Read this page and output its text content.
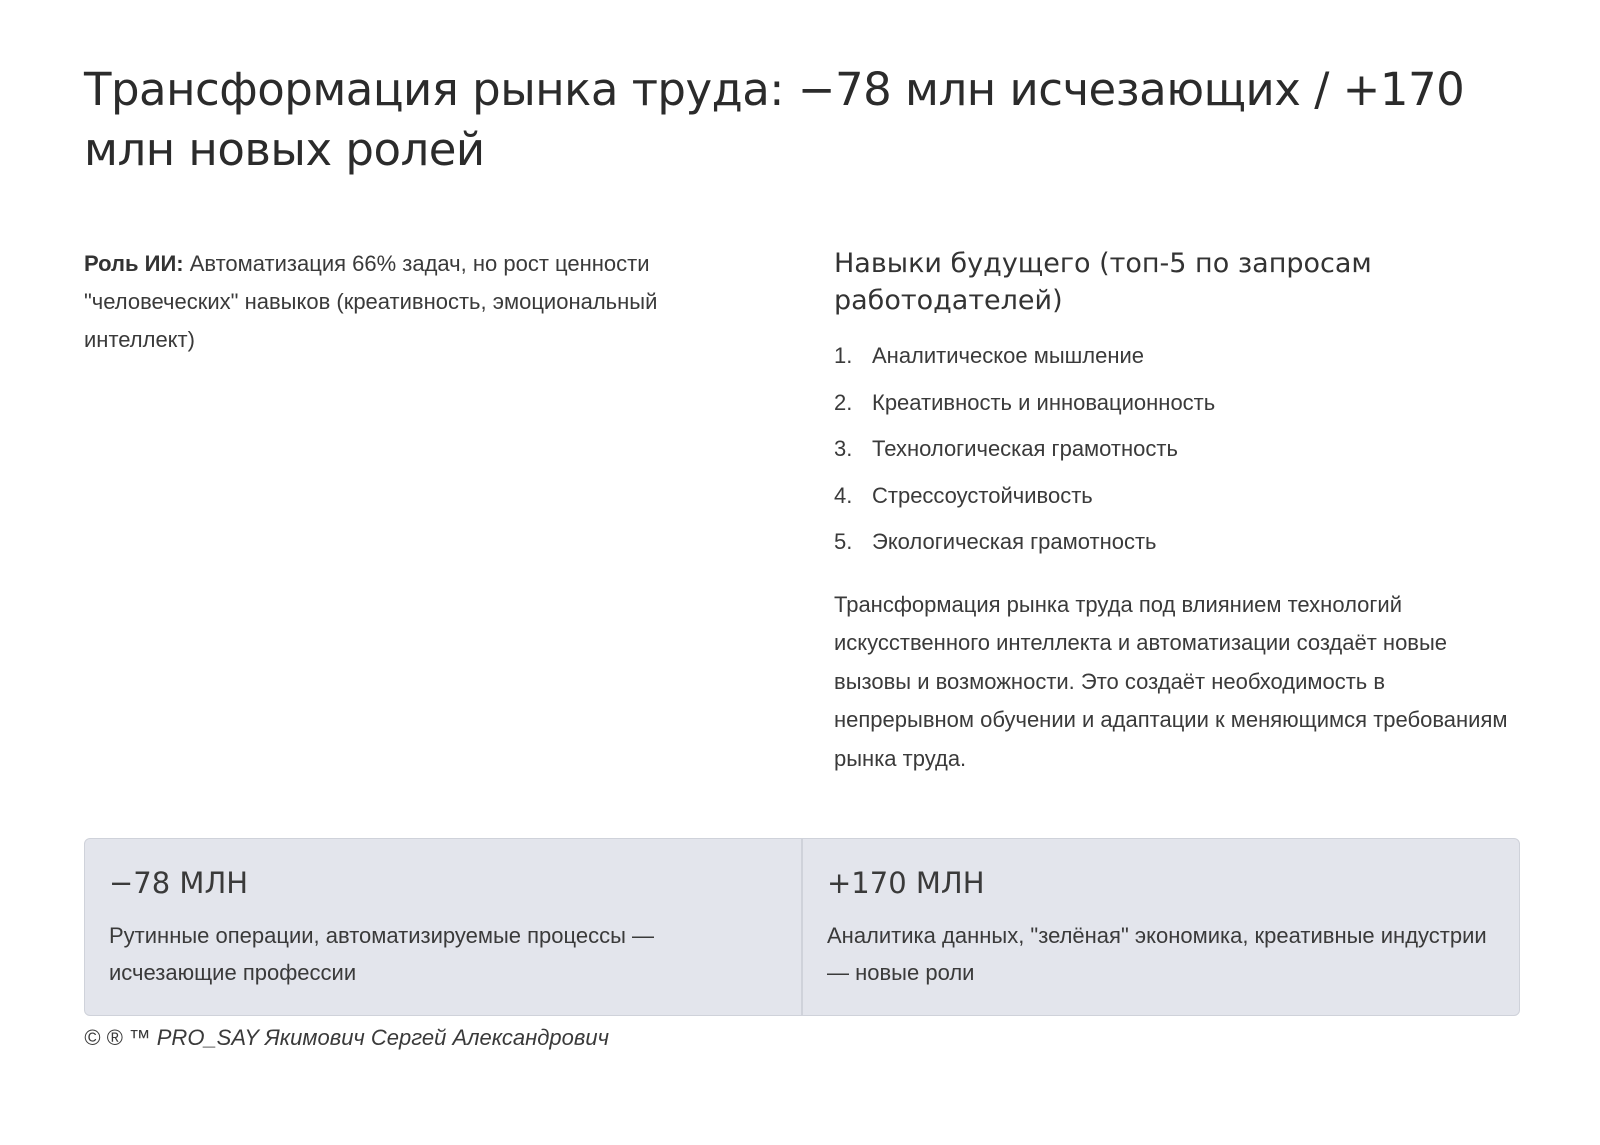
Трансформация рынка труда: −78 млн исчезающих / +170 млн новых ролей

Роль ИИ: Автоматизация 66% задач, но рост ценности "человеческих" навыков (креативность, эмоциональный интеллект)

Навыки будущего (топ-5 по запросам работодателей)
1. Аналитическое мышление
2. Креативность и инновационность
3. Технологическая грамотность
4. Стрессоустойчивость
5. Экологическая грамотность

Трансформация рынка труда под влиянием технологий искусственного интеллекта и автоматизации создаёт новые вызовы и возможности. Это создаёт необходимость в непрерывном обучении и адаптации к меняющимся требованиям рынка труда.

−78 МЛН

Рутинные операции, автоматизируемые процессы — исчезающие профессии

+170 МЛН

Аналитика данных, "зелёная" экономика, креативные индустрии — новые роли

© ® ™ PRO_SAY Якимович Сергей Александрович
